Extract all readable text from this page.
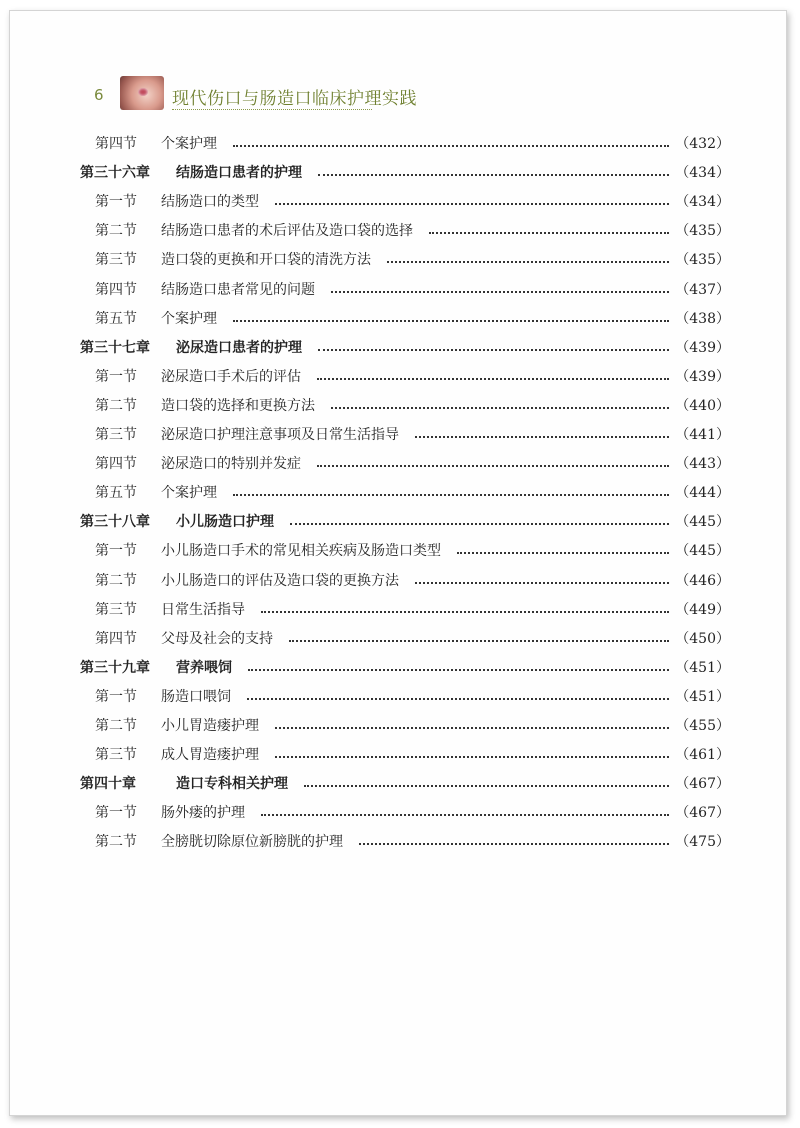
6	现代伤口与肠造口临床护理实践
第四节 个案护理	（432）
第三十六章 结肠造口患者的护理	（434）
第一节 结肠造口的类型	（434）
第二节 结肠造口患者的术后评估及造口袋的选择	（435）
第三节 造口袋的更换和开口袋的清洗方法	（435）
第四节 结肠造口患者常见的问题	（437）
第五节 个案护理	（438）
第三十七章 泌尿造口患者的护理	（439）
第一节 泌尿造口手术后的评估	（439）
第二节 造口袋的选择和更换方法	（440）
第三节 泌尿造口护理注意事项及日常生活指导	（441）
第四节 泌尿造口的特别并发症	（443）
第五节 个案护理	（444）
第三十八章 小儿肠造口护理	（445）
第一节 小儿肠造口手术的常见相关疾病及肠造口类型	（445）
第二节 小儿肠造口的评估及造口袋的更换方法	（446）
第三节 日常生活指导	（449）
第四节 父母及社会的支持	（450）
第三十九章 营养喂饲	（451）
第一节 肠造口喂饲	（451）
第二节 小儿胃造瘘护理	（455）
第三节 成人胃造瘘护理	（461）
第四十章	造口专科相关护理	（467）
第一节 肠外瘘的护理	（467）
第二节 全膀胱切除原位新膀胱的护理	（475）
